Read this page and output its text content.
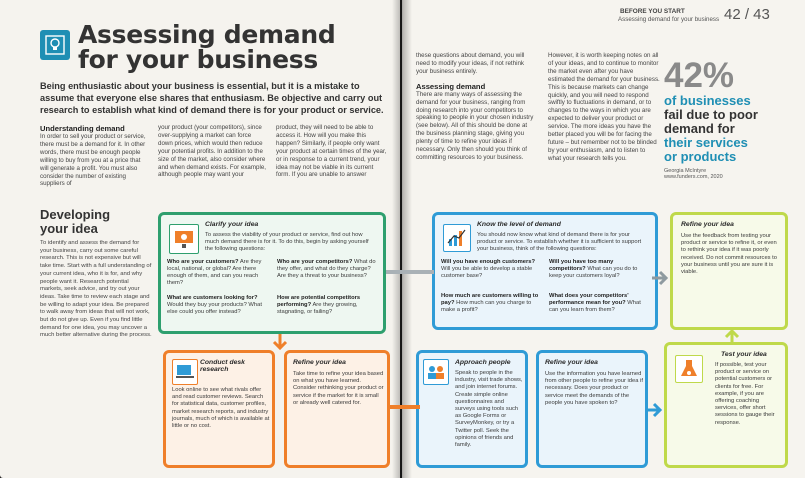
Assessing demand
for your business
Being enthusiastic about your business is essential, but it is a mistake to assume that everyone else shares that enthusiasm. Be objective and carry out research to establish what kind of demand there is for your product or service.
Understanding demand
In order to sell your product or service, there must be a demand for it. In other words, there must be enough people willing to buy from you at a price that will generate a profit. You must also consider the number of existing suppliers of
your product (your competitors), since over-supplying a market can force down prices, which would then reduce your potential profits. In addition to the size of the market, also consider where and when demand exists. For example, although people may want your
product, they will need to be able to access it. How will you make this happen? Similarly, if people only want your product at certain times of the year, or in response to a current trend, your idea may not be viable in its current form. If you are unable to answer
Developing
your idea
To identify and assess the demand for your business, carry out some careful research. This is not expensive but will take time. Start with a full understanding of your current idea, who it is for, and why people want it. Research potential markets, seek advice, and try out your ideas. Take time to review each stage and be willing to adapt your idea. Be prepared to walk away from ideas that will not work, but do not give up. Even if you find little demand for one idea, you may uncover a much better alternative during the process.
Clarify your idea
To assess the viability of your product or service, find out how much demand there is for it. To do this, begin by asking yourself the following questions:
Who are your customers? Are they local, national, or global? Are there enough of them, and can you reach them?
Who are your competitors? What do they offer, and what do they charge? Are they a threat to your business?
What are customers looking for? Would they buy your products? What else could you offer instead?
How are potential competitors performing? Are they growing, stagnating, or failing?
Conduct desk research
Look online to see what rivals offer and read customer reviews. Search for statistical data, customer profiles, market research reports, and industry journals, much of which is available at little or no cost.
Refine your idea
Take time to refine your idea based on what you have learned. Consider rethinking your product or service if the market for it is small or already well catered for.
BEFORE YOU START
Assessing demand for your business 42 / 43
these questions about demand, you will need to modify your ideas, if not rethink your business entirely.
Assessing demand
There are many ways of assessing the demand for your business, ranging from doing research into your competitors to speaking to people in your chosen industry (see below). All of this should be done at the business planning stage, giving you plenty of time to refine your ideas if necessary. Only then should you think of committing resources to your business.
However, it is worth keeping notes on all of your ideas, and to continue to monitor the market even after you have estimated the demand for your business. This is because markets can change quickly, and you will need to respond swiftly to fluctuations in demand, or to changes to the ways in which you are expected to deliver your product or service. The more ideas you have the better placed you will be for facing the future – but remember not to be blinded by your enthusiasm, and to listen to what your research tells you.
42%
of businesses
fail due to poor
demand for
their services
or products
Georgia McIntyre
www.funders.com, 2020
Know the level of demand
You should now know what kind of demand there is for your product or service. To establish whether it is sufficient to support your business, think of the following questions:
Will you have enough customers? Will you be able to develop a stable customer base?
Will you have too many competitors? What can you do to keep your customers loyal?
How much are customers willing to pay? How much can you charge to make a profit?
What does your competitors' performance mean for you? What can you learn from them?
Refine your idea
Use the feedback from testing your product or service to refine it, or even to rethink your idea if it was poorly received. Do not commit resources to your business until you are sure it is viable.
Approach people
Speak to people in the industry, visit trade shows, and join internet forums. Create simple online questionnaires and surveys using tools such as Google Forms or SurveyMonkey, or try a Twitter poll. Seek the opinions of friends and family.
Refine your idea
Use the information you have learned from other people to refine your idea if necessary. Does your product or service meet the demands of the people you have spoken to?
Test your idea
If possible, test your product or service on potential customers or clients for free. For example, if you are offering coaching services, offer short sessions to gauge their response.
